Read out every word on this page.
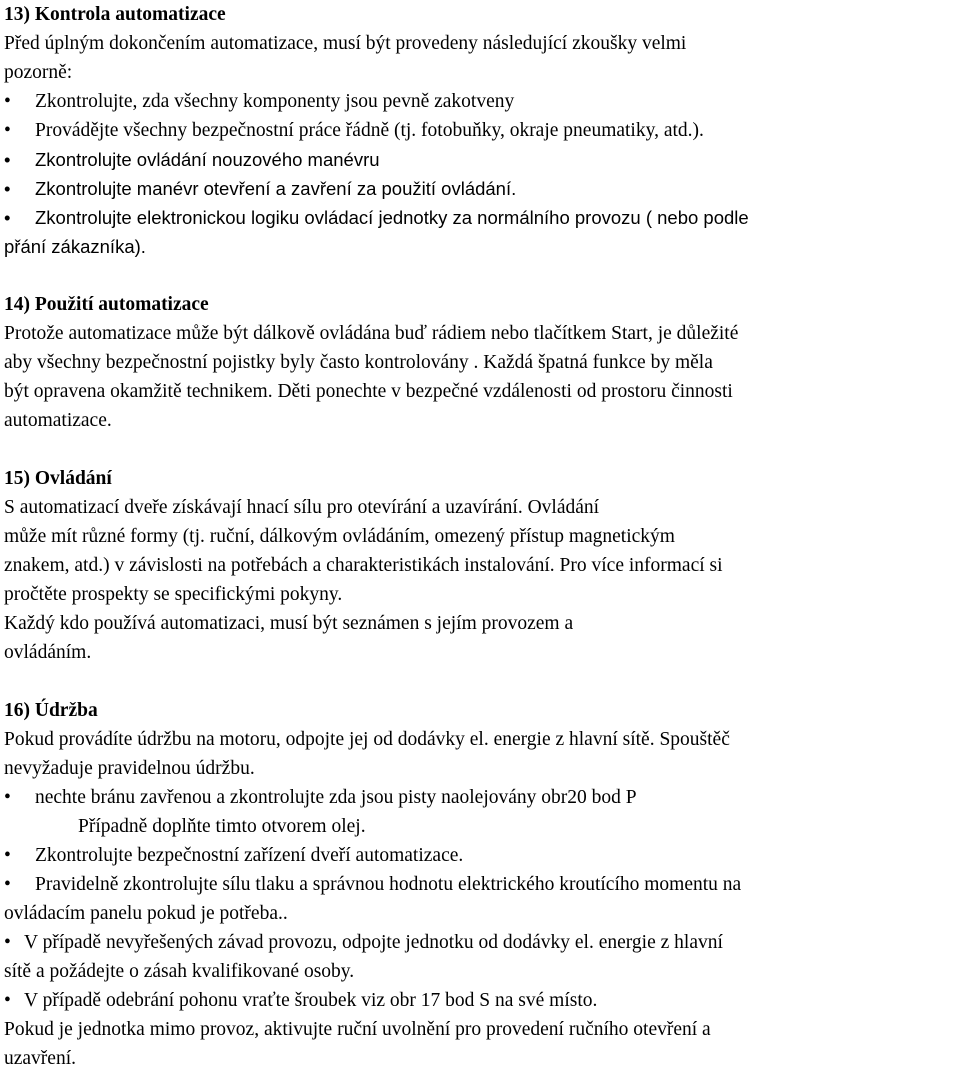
13) Kontrola automatizace

Před úplným dokončením automatizace, musí být provedeny následující zkoušky velmi

pozorně:

• Zkontrolujte, zda všechny komponenty jsou pevně zakotveny
• Provádějte všechny bezpečnostní práce řádně (tj. fotobuňky, okraje pneumatiky, atd.).
• Zkontrolujte ovládání nouzového manévru
• Zkontrolujte manévr otevření a zavření za použití ovládání.
• Zkontrolujte elektronickou logiku ovládací jednotky za normálního provozu ( nebo podle

přání zákazníka).

14) Použití automatizace

Protože automatizace může být dálkově ovládána buď rádiem nebo tlačítkem Start, je důležité

aby všechny bezpečnostní pojistky byly často kontrolovány . Každá špatná funkce by měla

být opravena okamžitě technikem. Děti ponechte v bezpečné vzdálenosti od prostoru činnosti

automatizace.

15) Ovládání

S automatizací dveře získávají hnací sílu pro otevírání a uzavírání. Ovládání

může mít různé formy (tj. ruční, dálkovým ovládáním, omezený přístup magnetickým

znakem, atd.) v závislosti na potřebách a charakteristikách instalování. Pro více informací si

pročtěte prospekty se specifickými pokyny.

Každý kdo používá automatizaci, musí být seznámen s jejím provozem a

ovládáním.

16) Údržba

Pokud provádíte údržbu na motoru, odpojte jej od dodávky el. energie z hlavní sítě. Spouštěč

nevyžaduje pravidelnou údržbu.

• nechte bránu zavřenou a zkontrolujte zda jsou pisty naolejovány obr20 bod P

Případně doplňte timto otvorem olej.

• Zkontrolujte bezpečnostní zařízení dveří automatizace.
• Pravidelně zkontrolujte sílu tlaku a správnou hodnotu elektrického kroutícího momentu na

ovládacím panelu pokud je potřeba..

• V případě nevyřešených závad provozu, odpojte jednotku od dodávky el. energie z hlavní

sítě a požádejte o zásah kvalifikované osoby.

• V případě odebrání pohonu vraťte šroubek viz obr 17 bod S na své místo.

Pokud je jednotka mimo provoz, aktivujte ruční uvolnění pro provedení ručního otevření a

uzavření.
